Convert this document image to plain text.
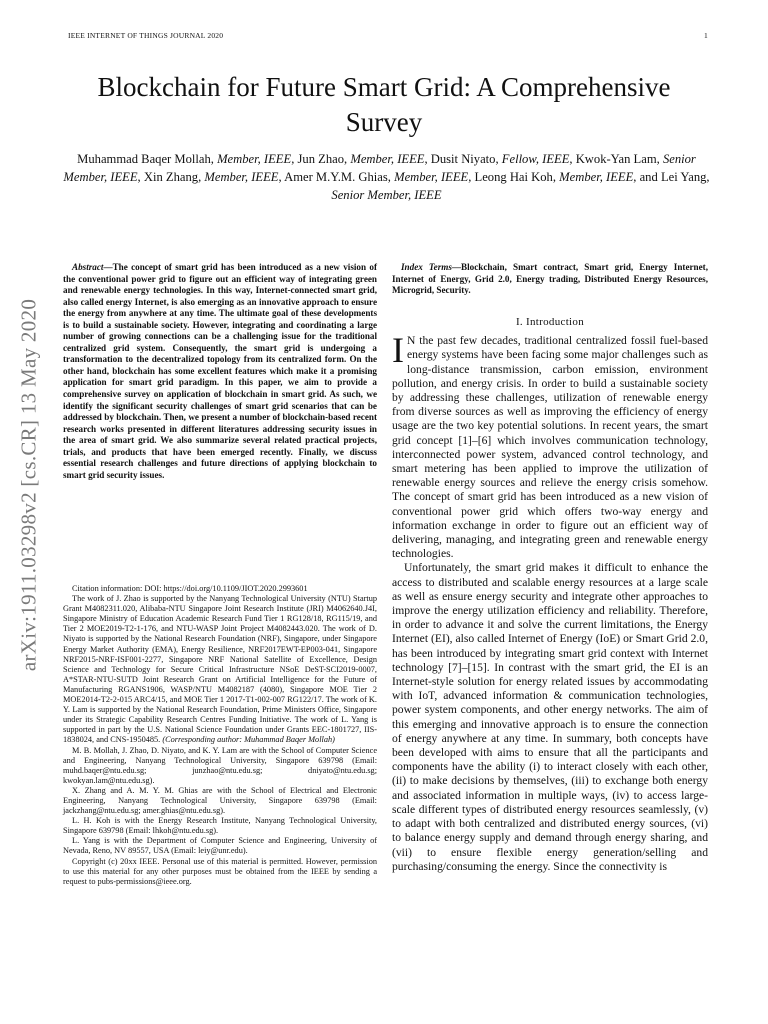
IEEE INTERNET OF THINGS JOURNAL 2020	1
arXiv:1911.03298v2 [cs.CR] 13 May 2020
Blockchain for Future Smart Grid: A Comprehensive Survey
Muhammad Baqer Mollah, Member, IEEE, Jun Zhao, Member, IEEE, Dusit Niyato, Fellow, IEEE, Kwok-Yan Lam, Senior Member, IEEE, Xin Zhang, Member, IEEE, Amer M.Y.M. Ghias, Member, IEEE, Leong Hai Koh, Member, IEEE, and Lei Yang, Senior Member, IEEE

Abstract—The concept of smart grid has been introduced as a new vision of the conventional power grid to figure out an efficient way of integrating green and renewable energy technologies. In this way, Internet-connected smart grid, also called energy Internet, is also emerging as an innovative approach to ensure the energy from anywhere at any time. The ultimate goal of these developments is to build a sustainable society. However, integrating and coordinating a large number of growing connections can be a challenging issue for the traditional centralized grid system. Consequently, the smart grid is undergoing a transformation to the decentralized topology from its centralized form. On the other hand, blockchain has some excellent features which make it a promising application for smart grid paradigm. In this paper, we aim to provide a comprehensive survey on application of blockchain in smart grid. As such, we identify the significant security challenges of smart grid scenarios that can be addressed by blockchain. Then, we present a number of blockchain-based recent research works presented in different literatures addressing security issues in the area of smart grid. We also summarize several related practical projects, trials, and products that have been emerged recently. Finally, we discuss essential research challenges and future directions of applying blockchain to smart grid security issues.

Citation information: DOI: https://doi.org/10.1109/JIOT.2020.2993601

The work of J. Zhao is supported by the Nanyang Technological University (NTU) Startup Grant M4082311.020, Alibaba-NTU Singapore Joint Research Institute (JRI) M4062640.J4I, Singapore Ministry of Education Academic Research Fund Tier 1 RG128/18, RG115/19, and Tier 2 MOE2019-T2-1-176, and NTU-WASP Joint Project M4082443.020. The work of D. Niyato is supported by the National Research Foundation (NRF), Singapore, under Singapore Energy Market Authority (EMA), Energy Resilience, NRF2017EWT-EP003-041, Singapore NRF2015-NRF-ISF001-2277, Singapore NRF National Satellite of Excellence, Design Science and Technology for Secure Critical Infrastructure NSoE DeST-SCI2019-0007, A*STAR-NTU-SUTD Joint Research Grant on Artificial Intelligence for the Future of Manufacturing RGANS1906, WASP/NTU M4082187 (4080), Singapore MOE Tier 2 MOE2014-T2-2-015 ARC4/15, and MOE Tier 1 2017-T1-002-007 RG122/17. The work of K. Y. Lam is supported by the National Research Foundation, Prime Ministers Office, Singapore under its Strategic Capability Research Centres Funding Initiative. The work of L. Yang is supported in part by the U.S. National Science Foundation under Grants EEC-1801727, IIS-1838024, and CNS-1950485. (Corresponding author: Muhammad Baqer Mollah)

M. B. Mollah, J. Zhao, D. Niyato, and K. Y. Lam are with the School of Computer Science and Engineering, Nanyang Technological University, Singapore 639798 (Email: muhd.baqer@ntu.edu.sg; junzhao@ntu.edu.sg; dniyato@ntu.edu.sg; kwokyan.lam@ntu.edu.sg).

X. Zhang and A. M. Y. M. Ghias are with the School of Electrical and Electronic Engineering, Nanyang Technological University, Singapore 639798 (Email: jackzhang@ntu.edu.sg; amer.ghias@ntu.edu.sg).

L. H. Koh is with the Energy Research Institute, Nanyang Technological University, Singapore 639798 (Email: lhkoh@ntu.edu.sg).

L. Yang is with the Department of Computer Science and Engineering, University of Nevada, Reno, NV 89557, USA (Email: leiy@unr.edu).

Copyright (c) 20xx IEEE. Personal use of this material is permitted. However, permission to use this material for any other purposes must be obtained from the IEEE by sending a request to pubs-permissions@ieee.org.

Index Terms—Blockchain, Smart contract, Smart grid, Energy Internet, Internet of Energy, Grid 2.0, Energy trading, Distributed Energy Resources, Microgrid, Security.

I. Introduction

I N the past few decades, traditional centralized fossil fuel-based energy systems have been facing some major challenges such as long-distance transmission, carbon emission, environment pollution, and energy crisis. In order to build a sustainable society by addressing these challenges, utilization of renewable energy from diverse sources as well as improving the efficiency of energy usage are the two key potential solutions. In recent years, the smart grid concept [1]–[6] which involves communication technology, interconnected power system, advanced control technology, and smart metering has been applied to improve the utilization of renewable energy sources and relieve the energy crisis somehow. The concept of smart grid has been introduced as a new vision of conventional power grid which offers two-way energy and information exchange in order to figure out an efficient way of delivering, managing, and integrating green and renewable energy technologies.

Unfortunately, the smart grid makes it difficult to enhance the access to distributed and scalable energy resources at a large scale as well as ensure energy security and integrate other approaches to improve the energy utilization efficiency and reliability. Therefore, in order to advance it and solve the current limitations, the Energy Internet (EI), also called Internet of Energy (IoE) or Smart Grid 2.0, has been introduced by integrating smart grid context with Internet technology [7]–[15]. In contrast with the smart grid, the EI is an Internet-style solution for energy related issues by accommodating with IoT, advanced information & communication technologies, power system components, and other energy networks. The aim of this emerging and innovative approach is to ensure the connection of energy anywhere at any time. In summary, both concepts have been developed with aims to ensure that all the participants and components have the ability (i) to interact closely with each other, (ii) to make decisions by themselves, (iii) to exchange both energy and associated information in multiple ways, (iv) to access large-scale different types of distributed energy resources seamlessly, (v) to adapt with both centralized and distributed energy sources, (vi) to balance energy supply and demand through energy sharing, and (vii) to ensure flexible energy generation/selling and purchasing/consuming the energy. Since the connectivity is
